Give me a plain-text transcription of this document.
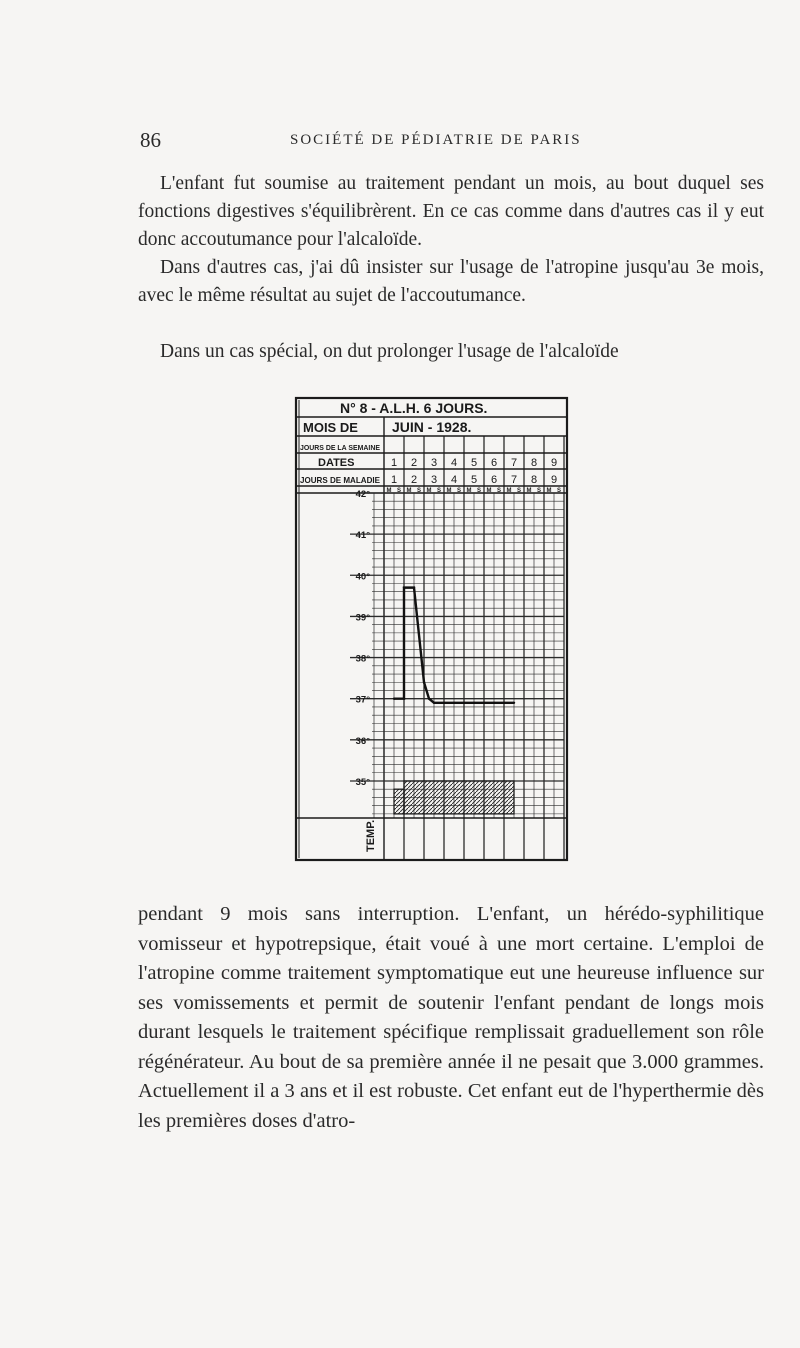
86	SOCIÉTÉ DE PÉDIATRIE DE PARIS

L'enfant fut soumise au traitement pendant un mois, au bout duquel ses fonctions digestives s'équilibrèrent. En ce cas comme dans d'autres cas il y eut donc accoutumance pour l'alcaloïde.

Dans d'autres cas, j'ai dû insister sur l'usage de l'atropine jusqu'au 3e mois, avec le même résultat au sujet de l'accoutumance.

Dans un cas spécial, on dut prolonger l'usage de l'alcaloïde

N° 8 - A.L.H. 6 JOURS.
MOIS DE JUIN - 1928.
JOURS DE LA SEMAINE
DATES
JOURS DE MALADIE
1 2 3 4 5 6 7 8 9
1 2 3 4 5 6 7 8 9
M S M S M S M S M S M S M S M S M S
42°
41°
40°
39°
38°
37°
36°
35°
TEMP.

pendant 9 mois sans interruption. L'enfant, un hérédo-syphilitique vomisseur et hypotrepsique, était voué à une mort certaine. L'emploi de l'atropine comme traitement symptomatique eut une heureuse influence sur ses vomissements et permit de soutenir l'enfant pendant de longs mois durant lesquels le traitement spécifique remplissait graduellement son rôle régénérateur. Au bout de sa première année il ne pesait que 3.000 grammes. Actuellement il a 3 ans et il est robuste. Cet enfant eut de l'hyperthermie dès les premières doses d'atro-
